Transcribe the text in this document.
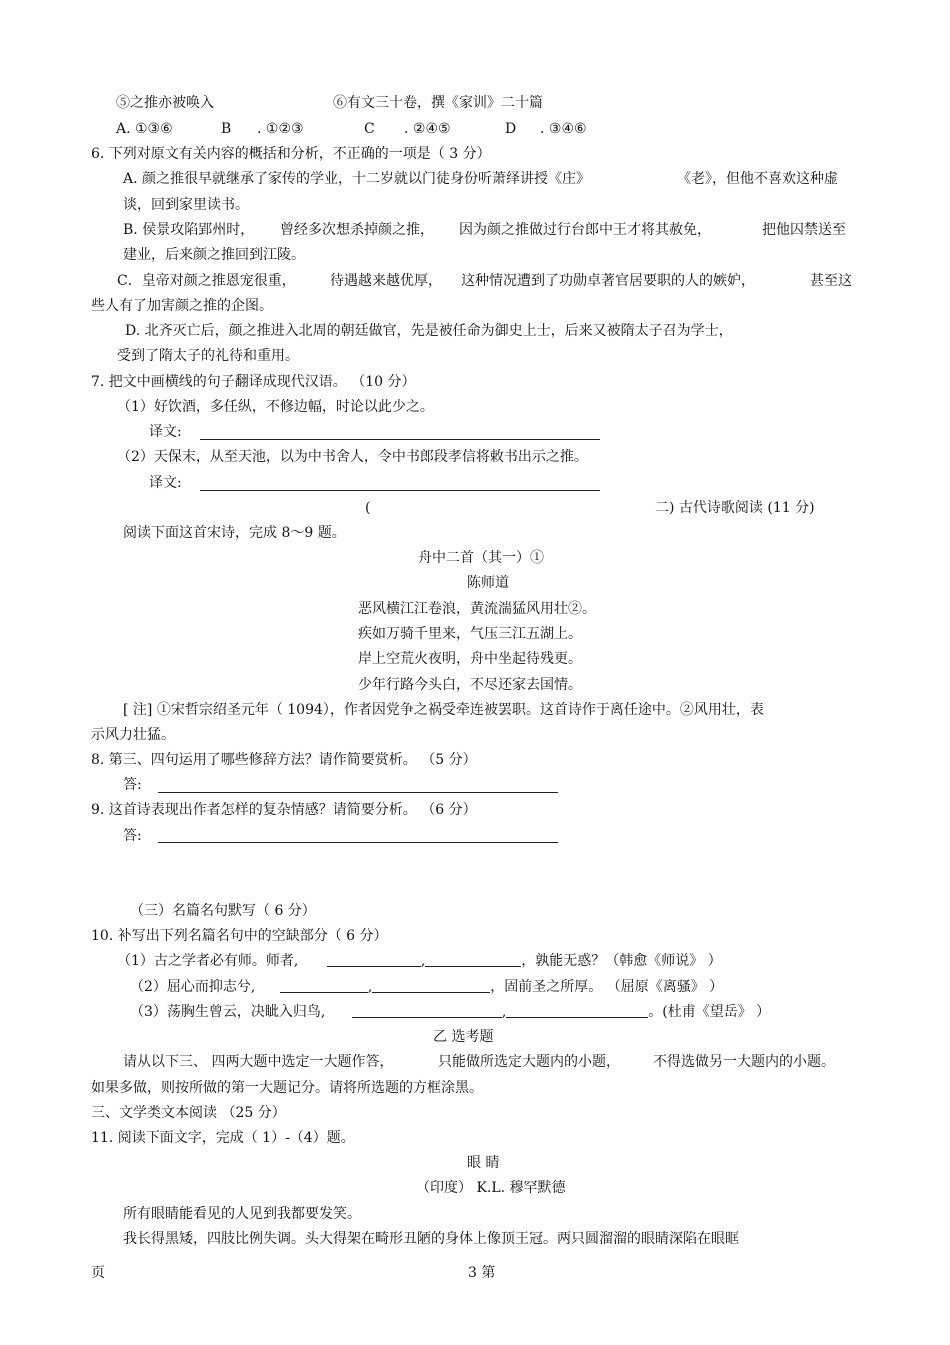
⑤之推亦被唤入	⑥有文三十卷，撰《家训》二十篇
A. ①③⑥	B . ①②③	C . ②④⑤	D . ③④⑥
6. 下列对原文有关内容的概括和分析，不正确的一项是（ 3 分）
A. 颜之推很早就继承了家传的学业，十二岁就以门徒身份听萧绎讲授《庄》	《老》，但他不喜欢这种虚
谈，回到家里读书。
B. 侯景攻陷郢州时， 曾经多次想杀掉颜之推， 因为颜之推做过行台郎中王才将其赦免，	把他囚禁送至
建业，后来颜之推回到江陵。
C．皇帝对颜之推恩宠很重， 待遇越来越优厚， 这种情况遭到了功勋卓著官居要职的人的嫉妒，	甚至这
些人有了加害颜之推的企图。
D. 北齐灭亡后，颜之推进入北周的朝廷做官，先是被任命为御史上士，后来又被隋太子召为学士，
受到了隋太子的礼待和重用。
7. 把文中画横线的句子翻译成现代汉语。 （10 分）
（1）好饮酒，多任纵，不修边幅，时论以此少之。
译文:
（2）天保末，从至天池，以为中书舍人，令中书郎段孝信将敕书出示之推。
译文:
(	二) 古代诗歌阅读 (11 分)
阅读下面这首宋诗，完成 8～9 题。
舟中二首（其一）①
陈师道
恶风横江江卷浪，黄流湍猛风用壮②。
疾如万骑千里来，气压三江五湖上。
岸上空荒火夜明，舟中坐起待残更。
少年行路今头白，不尽还家去国情。
[ 注] ①宋哲宗绍圣元年（ 1094），作者因党争之祸受牵连被罢职。这首诗作于离任途中。②风用壮，表
示风力壮猛。
8. 第三、四句运用了哪些修辞方法？请作简要赏析。 （5 分）
答:
9. 这首诗表现出作者怎样的复杂情感？请简要分析。 （6 分）
答:
（三）名篇名句默写（ 6 分）
10. 补写出下列名篇名句中的空缺部分（ 6 分）
（1）古之学者必有师。师者,	,	，孰能无惑？（韩愈《师说》 ）
（2）屈心而抑志兮,	,	，固前圣之所厚。 （屈原《离骚》 ）
（3）荡胸生曾云，决眦入归鸟,	,	。(杜甫《望岳》 ）
乙 选考题
请从以下三、 四两大题中选定一大题作答，	只能做所选定大题内的小题， 不得选做另一大题内的小题。
如果多做，则按所做的第一大题记分。请将所选题的方框涂黑。
三、文学类文本阅读 （25 分）
11. 阅读下面文字，完成（ 1）-（4）题。
眼 睛
（印度） K.L. 穆罕默德
所有眼睛能看见的人见到我都要发笑。
我长得黑矮，四肢比例失调。头大得架在畸形丑陋的身体上像顶王冠。两只圆溜溜的眼睛深陷在眼眶
页	3 第
